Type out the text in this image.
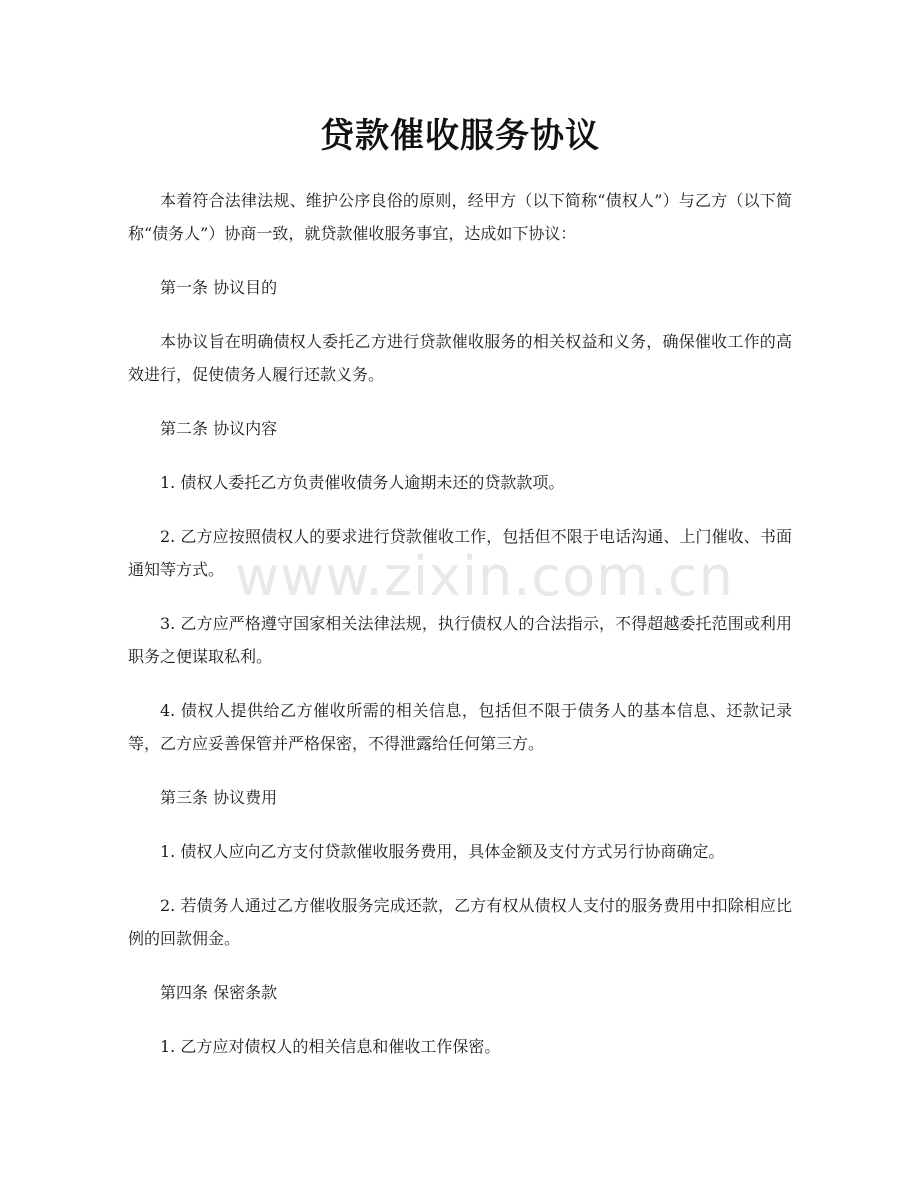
贷款催收服务协议

本着符合法律法规、维护公序良俗的原则，经甲方（以下简称“债权人”）与乙方（以下简称“债务人”）协商一致，就贷款催收服务事宜，达成如下协议：

第一条 协议目的

本协议旨在明确债权人委托乙方进行贷款催收服务的相关权益和义务，确保催收工作的高效进行，促使债务人履行还款义务。

第二条 协议内容

1. 债权人委托乙方负责催收债务人逾期未还的贷款款项。

2. 乙方应按照债权人的要求进行贷款催收工作，包括但不限于电话沟通、上门催收、书面通知等方式。

3. 乙方应严格遵守国家相关法律法规，执行债权人的合法指示，不得超越委托范围或利用职务之便谋取私利。

4. 债权人提供给乙方催收所需的相关信息，包括但不限于债务人的基本信息、还款记录等，乙方应妥善保管并严格保密，不得泄露给任何第三方。

第三条 协议费用

1. 债权人应向乙方支付贷款催收服务费用，具体金额及支付方式另行协商确定。

2. 若债务人通过乙方催收服务完成还款，乙方有权从债权人支付的服务费用中扣除相应比例的回款佣金。

第四条 保密条款

1. 乙方应对债权人的相关信息和催收工作保密。

www.zixin.com.cn
